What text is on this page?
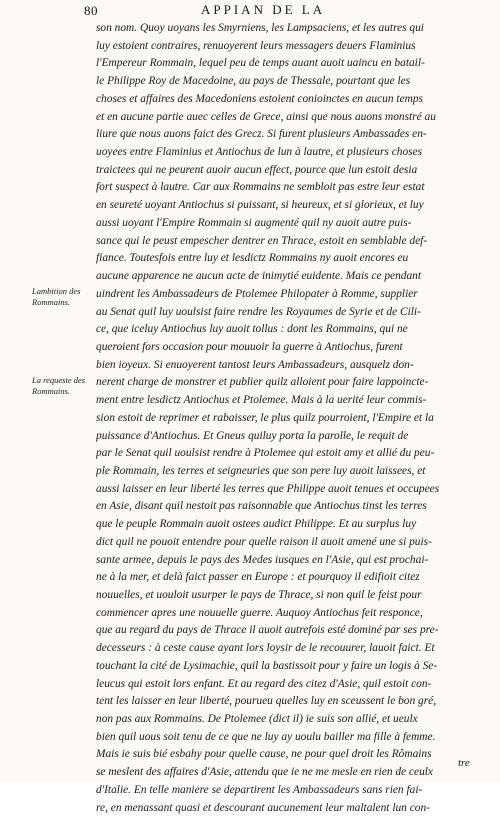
80	APPIAN DE LA
Lambition des
Rommains.
La requeste des
Rommains.
son nom. Quoy uoyans les Smyrniens, les Lampsaciens, et les autres qui
luy estoient contraires, renuoyerent leurs messagers deuers Flaminius
l'Empereur Rommain, lequel peu de temps auant auoit uaincu en batail-
le Philippe Roy de Macedoine, au pays de Thessale, pourtant que les
choses et affaires des Macedoniens estoient conioinctes en aucun temps
et en aucune partie auec celles de Grece, ainsi que nous auons monstré au
liure que nous auons faict des Grecz. Si furent plusieurs Ambassades en-
uoyees entre Flaminius et Antiochus de lun à lautre, et plusieurs choses
traictees qui ne peurent auoir aucun effect, pource que lun estoit desia
fort suspect à lautre. Car aux Rommains ne sembloit pas estre leur estat
en seureté uoyant Antiochus si puissant, si heureux, et si glorieux, et luy
aussi uoyant l'Empire Rommain si augmenté quil ny auoit autre puis-
sance qui le peust empescher dentrer en Thrace, estoit en semblable def-
fiance. Toutesfois entre luy et lesdictz Rommains ny auoit encores eu
aucune apparence ne aucun acte de inimytié euidente. Mais ce pendant
uindrent les Ambassadeurs de Ptolemee Philopater à Romme, supplier
au Senat quil luy uoulsist faire rendre les Royaumes de Syrie et de Cili-
ce, que iceluy Antiochus luy auoit tollus : dont les Rommains, qui ne
queroient fors occasion pour mouuoir la guerre à Antiochus, furent
bien ioyeux. Si enuoyerent tantost leurs Ambassadeurs, ausquelz don-
nerent charge de monstrer et publier quilz alloient pour faire lappoincte-
ment entre lesdictz Antiochus et Ptolemee. Mais à la uerité leur commis-
sion estoit de reprimer et rabaisser, le plus quilz pourroient, l'Empire et la
puissance d'Antiochus. Et Gneus quiluy porta la parolle, le requit de
par le Senat quil uoulsist rendre à Ptolemee qui estoit amy et allié du peu-
ple Rommain, les terres et seigneuries que son pere luy auoit laissees, et
aussi laisser en leur liberté les terres que Philippe auoit tenues et occupees
en Asie, disant quil nestoit pas raisonnable que Antiochus tinst les terres
que le peuple Rommain auoit ostees audict Philippe. Et au surplus luy
dict quil ne pouoit entendre pour quelle raison il auoit amené une si puis-
sante armee, depuis le pays des Medes iusques en l'Asie, qui est prochai-
ne à la mer, et delà faict passer en Europe : et pourquoy il edifioit citez
nouuelles, et uouloit usurper le pays de Thrace, si non quil le feist pour
commencer apres une nouuelle guerre. Auquoy Antiochus feit responce,
que au regard du pays de Thrace il auoit autrefois esté dominé par ses pre-
decesseurs : à ceste cause ayant lors loysir de le recouurer, lauoit faict. Et
touchant la cité de Lysimachie, quil la bastissoit pour y faire un logis à Se-
leucus qui estoit lors enfant. Et au regard des citez d'Asie, quil estoit con-
tent les laisser en leur liberté, pourueu quelles luy en sceussent le bon gré,
non pas aux Rommains. De Ptolemee (dict il) ie suis son allié, et ueulx
bien quil uous soit tenu de ce que ne luy ay uoulu bailler ma fille à femme.
Mais ie suis bié esbahy pour quelle cause, ne pour quel droit les Rômains
se meslent des affaires d'Asie, attendu que ie ne me mesle en rien de ceulx
d'Italie. En telle maniere se departirent les Ambassadeurs sans rien fai-
re, en menassant quasi et descourant aucunement leur maltalent lun con-
tre
